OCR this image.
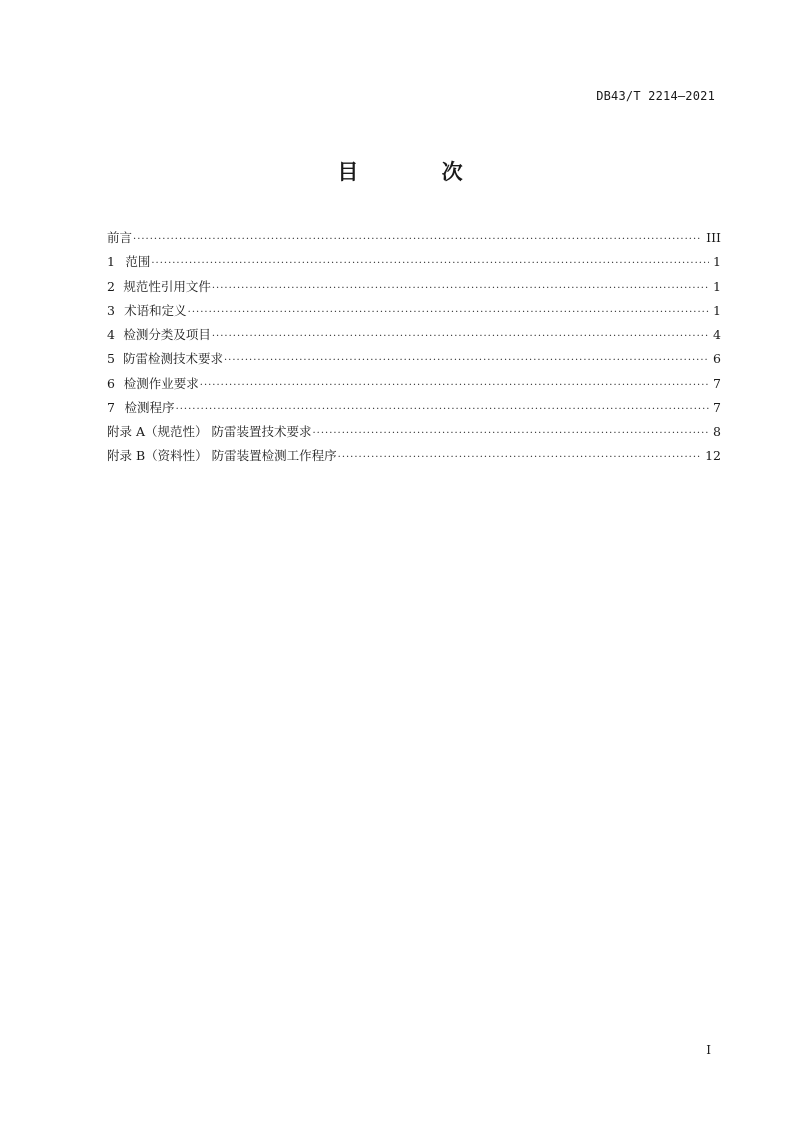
DB43/T 2214—2021
目 次
前言 ·····	III
1 范围 ·····	1
2 规范性引用文件 ·····	1
3 术语和定义 ·····	1
4 检测分类及项目 ·····	4
5 防雷检测技术要求 ·····	6
6 检测作业要求 ·····	7
7 检测程序 ·····	7
附录 A（规范性） 防雷装置技术要求 ·····	8
附录 B（资料性） 防雷装置检测工作程序 ·····	12
I
